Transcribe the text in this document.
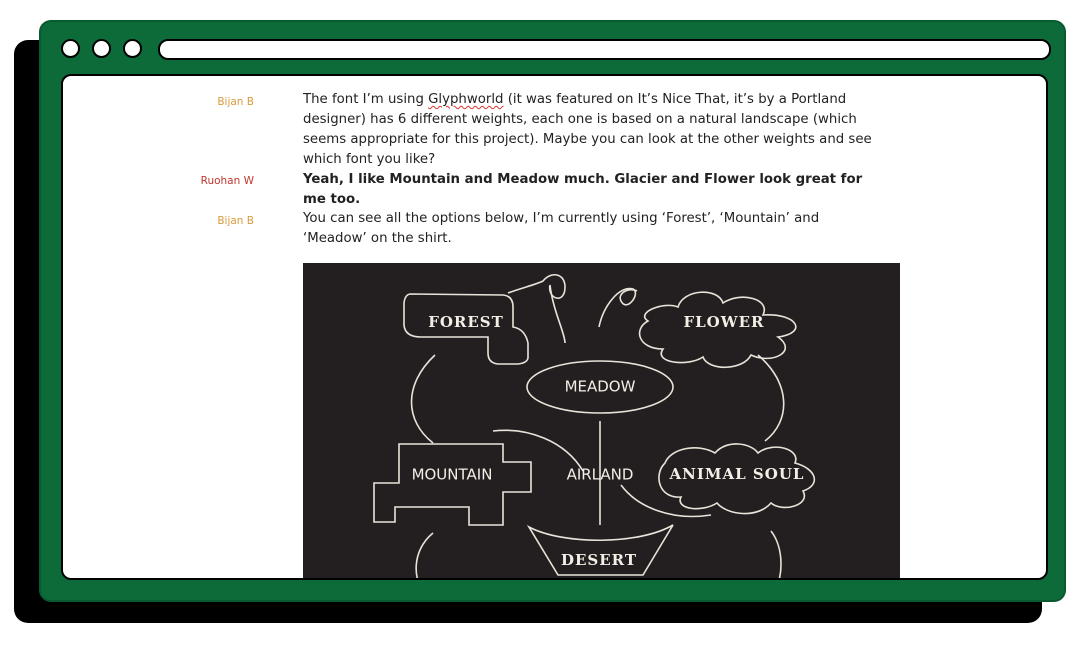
Bijan B	The font I’m using Glyphworld (it was featured on It’s Nice That, it’s by a Portland designer) has 6 different weights, each one is based on a natural landscape (which seems appropriate for this project). Maybe you can look at the other weights and see which font you like?
Ruohan W	Yeah, I like Mountain and Meadow much. Glacier and Flower look great for me too.
Bijan B	You can see all the options below, I’m currently using ‘Forest’, ‘Mountain’ and ‘Meadow’ on the shirt.
FOREST	FLOWER
MEADOW
MOUNTAIN	AIRLAND ANIMAL SOUL
DESERT
